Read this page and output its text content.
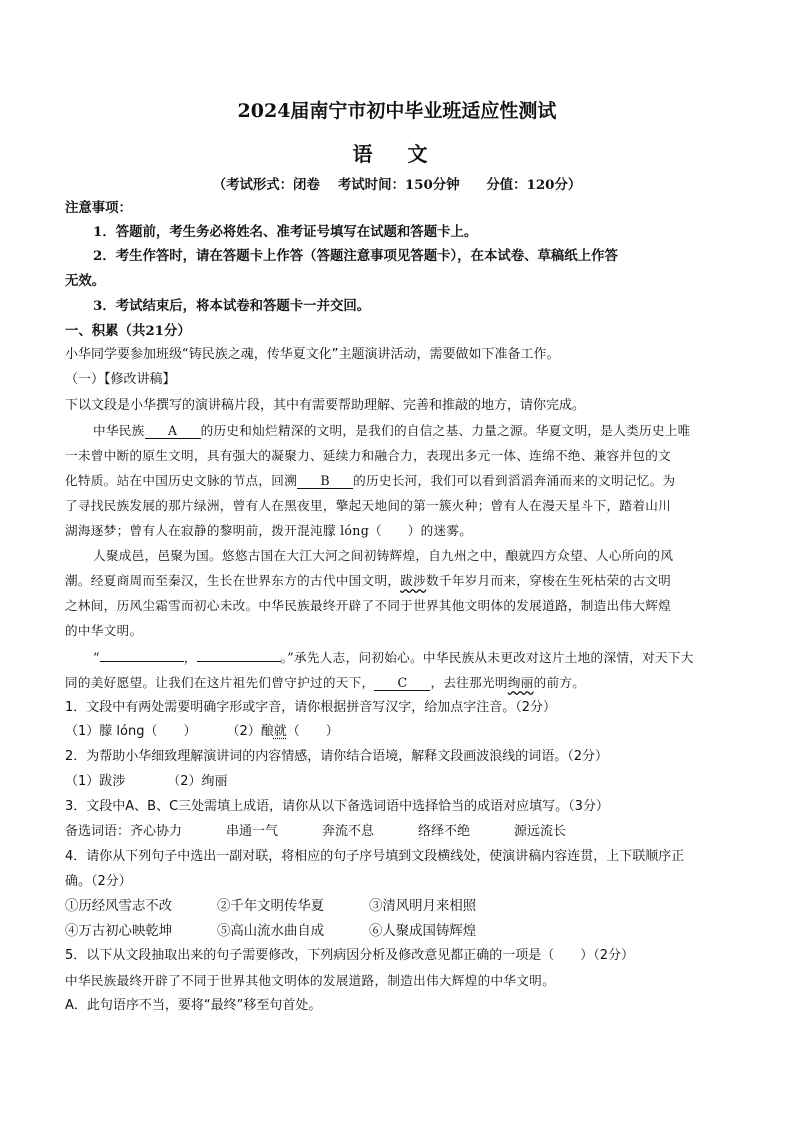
2024届南宁市初中毕业班适应性测试
语 文
（考试形式：闭卷　 考试时间：150分钟　　分值：120分）
注意事项：
1．答题前，考生务必将姓名、准考证号填写在试题和答题卡上。
2．考生作答时，请在答题卡上作答（答题注意事项见答题卡），在本试卷、草稿纸上作答
无效。
3．考试结束后，将本试卷和答题卡一并交回。
一、积累（共21分）
小华同学要参加班级“铸民族之魂，传华夏文化”主题演讲活动，需要做如下准备工作。
（一）【修改讲稿】
下以文段是小华撰写的演讲稿片段，其中有需要帮助理解、完善和推敲的地方，请你完成。
中华民族 A 的历史和灿烂精深的文明，是我们的自信之基、力量之源。华夏文明，是人类历史上唯
一未曾中断的原生文明，具有强大的凝聚力、延续力和融合力，表现出多元一体、连绵不绝、兼容并包的文
化特质。站在中国历史文脉的节点，回溯 B 的历史长河，我们可以看到滔滔奔涌而来的文明记忆。为
了寻找民族发展的那片绿洲，曾有人在黑夜里，擎起天地间的第一簇火种；曾有人在漫天星斗下，踏着山川
湖海逐梦；曾有人在寂静的黎明前，拨开混沌朦 lóng（　　）的迷雾。
人聚成邑，邑聚为国。悠悠古国在大江大河之间初铸辉煌，自九州之中，酿就四方众望、人心所向的风
潮。经夏商周而至秦汉，生长在世界东方的古代中国文明，跋涉数千年岁月而来，穿梭在生死枯荣的古文明
之林间，历风尘霜雪而初心未改。中华民族最终开辟了不同于世界其他文明体的发展道路，制造出伟大辉煌
的中华文明。
“	，	。”承先人志，问初始心。中华民族从未更改对这片土地的深情，对天下大
同的美好愿望。让我们在这片祖先们曾守护过的天下， C ，去往那光明绚丽的前方。
1．文段中有两处需要明确字形或字音，请你根据拼音写汉字，给加点字注音。（2分）
（1）朦 lóng（　　） （2）酿就（　　）
2．为帮助小华细致理解演讲词的内容情感，请你结合语境，解释文段画波浪线的词语。（2分）
（1）跋涉	（2）绚丽
3．文段中A、B、C三处需填上成语，请你从以下备选词语中选择恰当的成语对应填写。（3分）
备选词语：齐心协力	串通一气	奔流不息	络绎不绝	源远流长
4．请你从下列句子中选出一副对联，将相应的句子序号填到文段横线处，使演讲稿内容连贯，上下联顺序正
确。（2分）
①历经风雪志不改	②千年文明传华夏	③清风明月来相照
④万古初心映乾坤	⑤高山流水曲自成	⑥人聚成国铸辉煌
5．以下从文段抽取出来的句子需要修改，下列病因分析及修改意见都正确的一项是（　　）（2分）
中华民族最终开辟了不同于世界其他文明体的发展道路，制造出伟大辉煌的中华文明。
A．此句语序不当，要将“最终”移至句首处。
